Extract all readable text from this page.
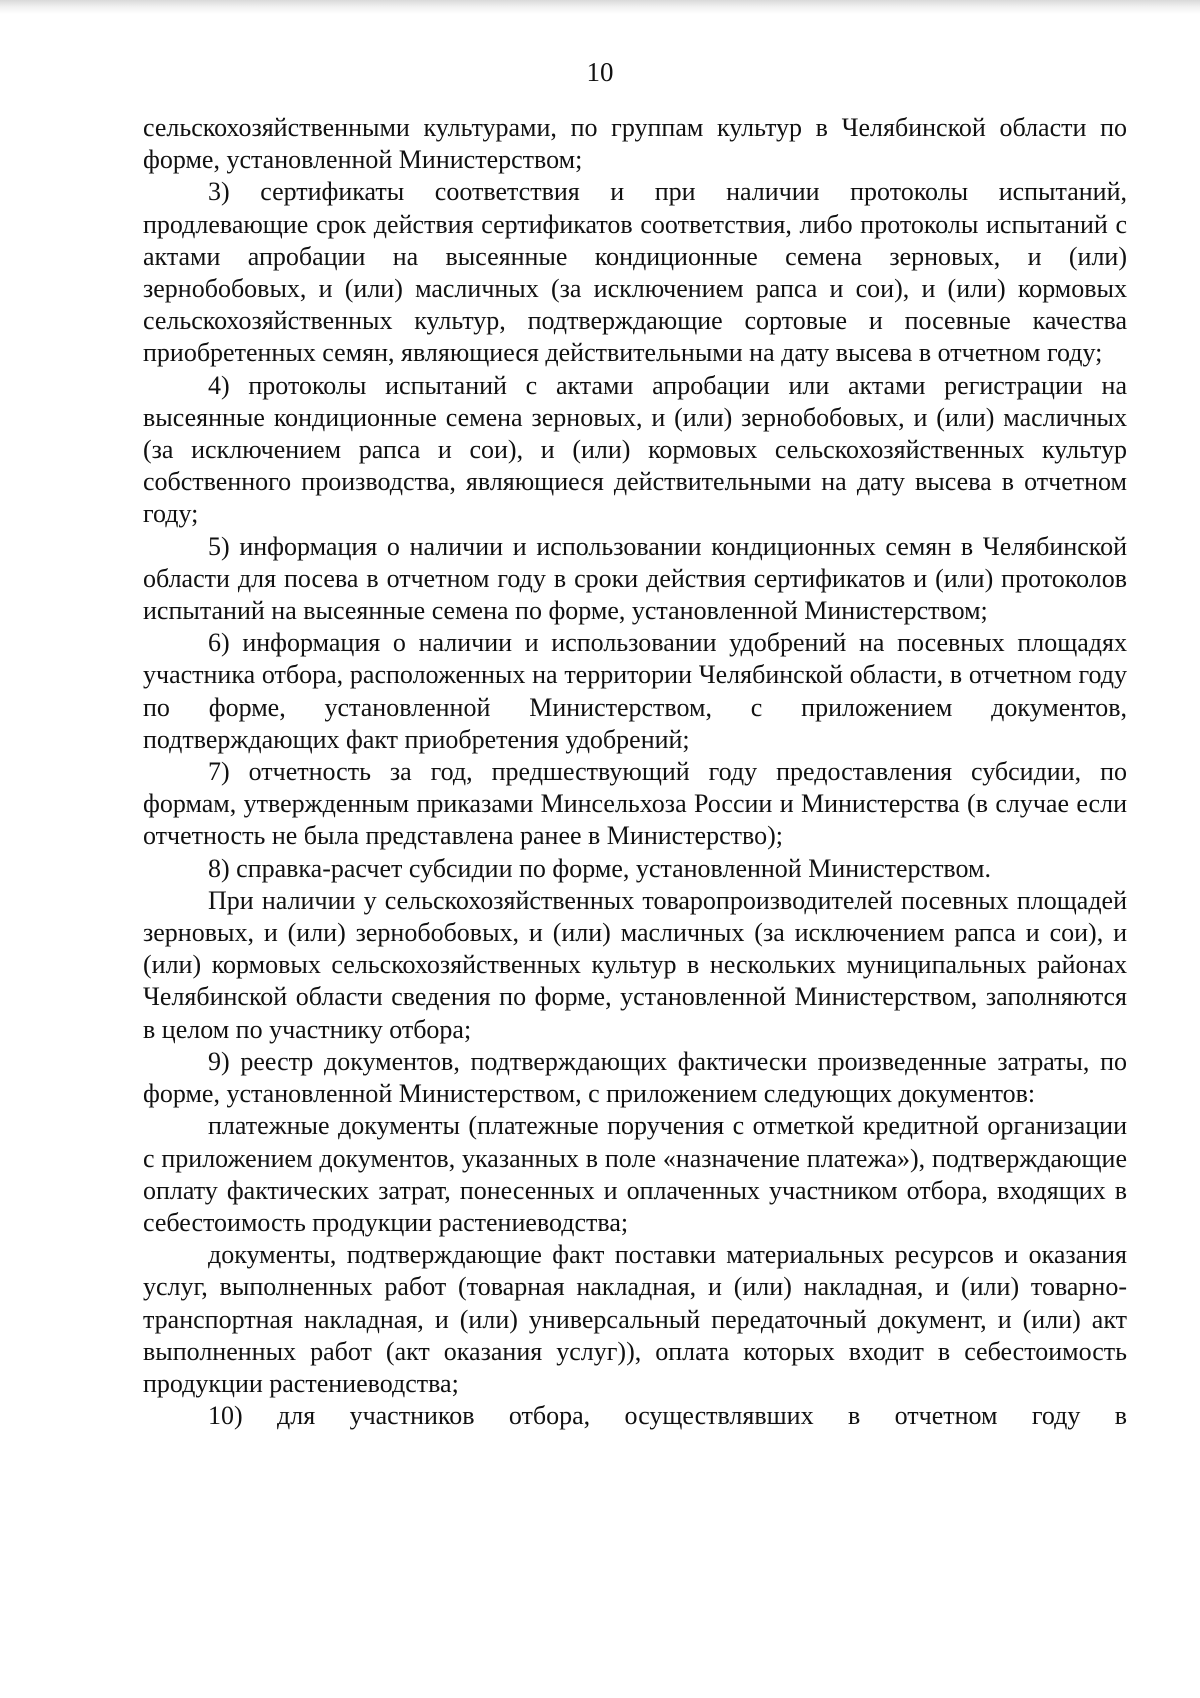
10

сельскохозяйственными культурами, по группам культур в Челябинской области по форме, установленной Министерством;

3) сертификаты соответствия и при наличии протоколы испытаний, продлевающие срок действия сертификатов соответствия, либо протоколы испытаний с актами апробации на высеянные кондиционные семена зерновых, и (или) зернобобовых, и (или) масличных (за исключением рапса и сои), и (или) кормовых сельскохозяйственных культур, подтверждающие сортовые и посевные качества приобретенных семян, являющиеся действительными на дату высева в отчетном году;

4) протоколы испытаний с актами апробации или актами регистрации на высеянные кондиционные семена зерновых, и (или) зернобобовых, и (или) масличных (за исключением рапса и сои), и (или) кормовых сельскохозяйственных культур собственного производства, являющиеся действительными на дату высева в отчетном году;

5) информация о наличии и использовании кондиционных семян в Челябинской области для посева в отчетном году в сроки действия сертификатов и (или) протоколов испытаний на высеянные семена по форме, установленной Министерством;

6) информация о наличии и использовании удобрений на посевных площадях участника отбора, расположенных на территории Челябинской области, в отчетном году по форме, установленной Министерством, с приложением документов, подтверждающих факт приобретения удобрений;

7) отчетность за год, предшествующий году предоставления субсидии, по формам, утвержденным приказами Минсельхоза России и Министерства (в случае если отчетность не была представлена ранее в Министерство);

8) справка-расчет субсидии по форме, установленной Министерством.

При наличии у сельскохозяйственных товаропроизводителей посевных площадей зерновых, и (или) зернобобовых, и (или) масличных (за исключением рапса и сои), и (или) кормовых сельскохозяйственных культур в нескольких муниципальных районах Челябинской области сведения по форме, установленной Министерством, заполняются в целом по участнику отбора;

9) реестр документов, подтверждающих фактически произведенные затраты, по форме, установленной Министерством, с приложением следующих документов:

платежные документы (платежные поручения с отметкой кредитной организации с приложением документов, указанных в поле «назначение платежа»), подтверждающие оплату фактических затрат, понесенных и оплаченных участником отбора, входящих в себестоимость продукции растениеводства;

документы, подтверждающие факт поставки материальных ресурсов и оказания услуг, выполненных работ (товарная накладная, и (или) накладная, и (или) товарно-транспортная накладная, и (или) универсальный передаточный документ, и (или) акт выполненных работ (акт оказания услуг)), оплата которых входит в себестоимость продукции растениеводства;

10) для участников отбора, осуществлявших в отчетном году в
